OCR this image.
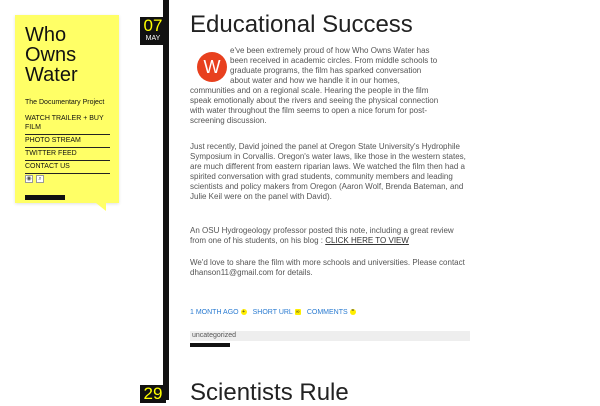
Who Owns Water
The Documentary Project
WATCH TRAILER + BUY FILM
PHOTO STREAM
TWITTER FEED
CONTACT US
◉	⌕
07
MAY
Educational Success
W

e've been extremely proud of how Who Owns Water has
been received in academic circles. From middle schools to
graduate programs, the film has sparked conversation
about water and how we handle it in our homes,
communities and on a regional scale. Hearing the people in the film
speak emotionally about the rivers and seeing the physical connection
with water throughout the film seems to open a nice forum for post-
screening discussion.

Just recently, David joined the panel at Oregon State University's Hydrophile Symposium in Corvallis. Oregon's water laws, like those in the western states, are much different from eastern riparian laws. We watched the film then had a spirited conversation with grad students, community members and leading scientists and policy makers from Oregon (Aaron Wolf, Brenda Bateman, and Julie Keil were on the panel with David).

An OSU Hydrogeology professor posted this note, including a great review from one of his students, on his blog : CLICK HERE TO VIEW

We'd love to share the film with more schools and universities. Please contact dhanson11@gmail.com for details.

1 MONTH AGO + SHORT URL ∞ COMMENTS ❞
uncategorized
29 Scientists Rule
